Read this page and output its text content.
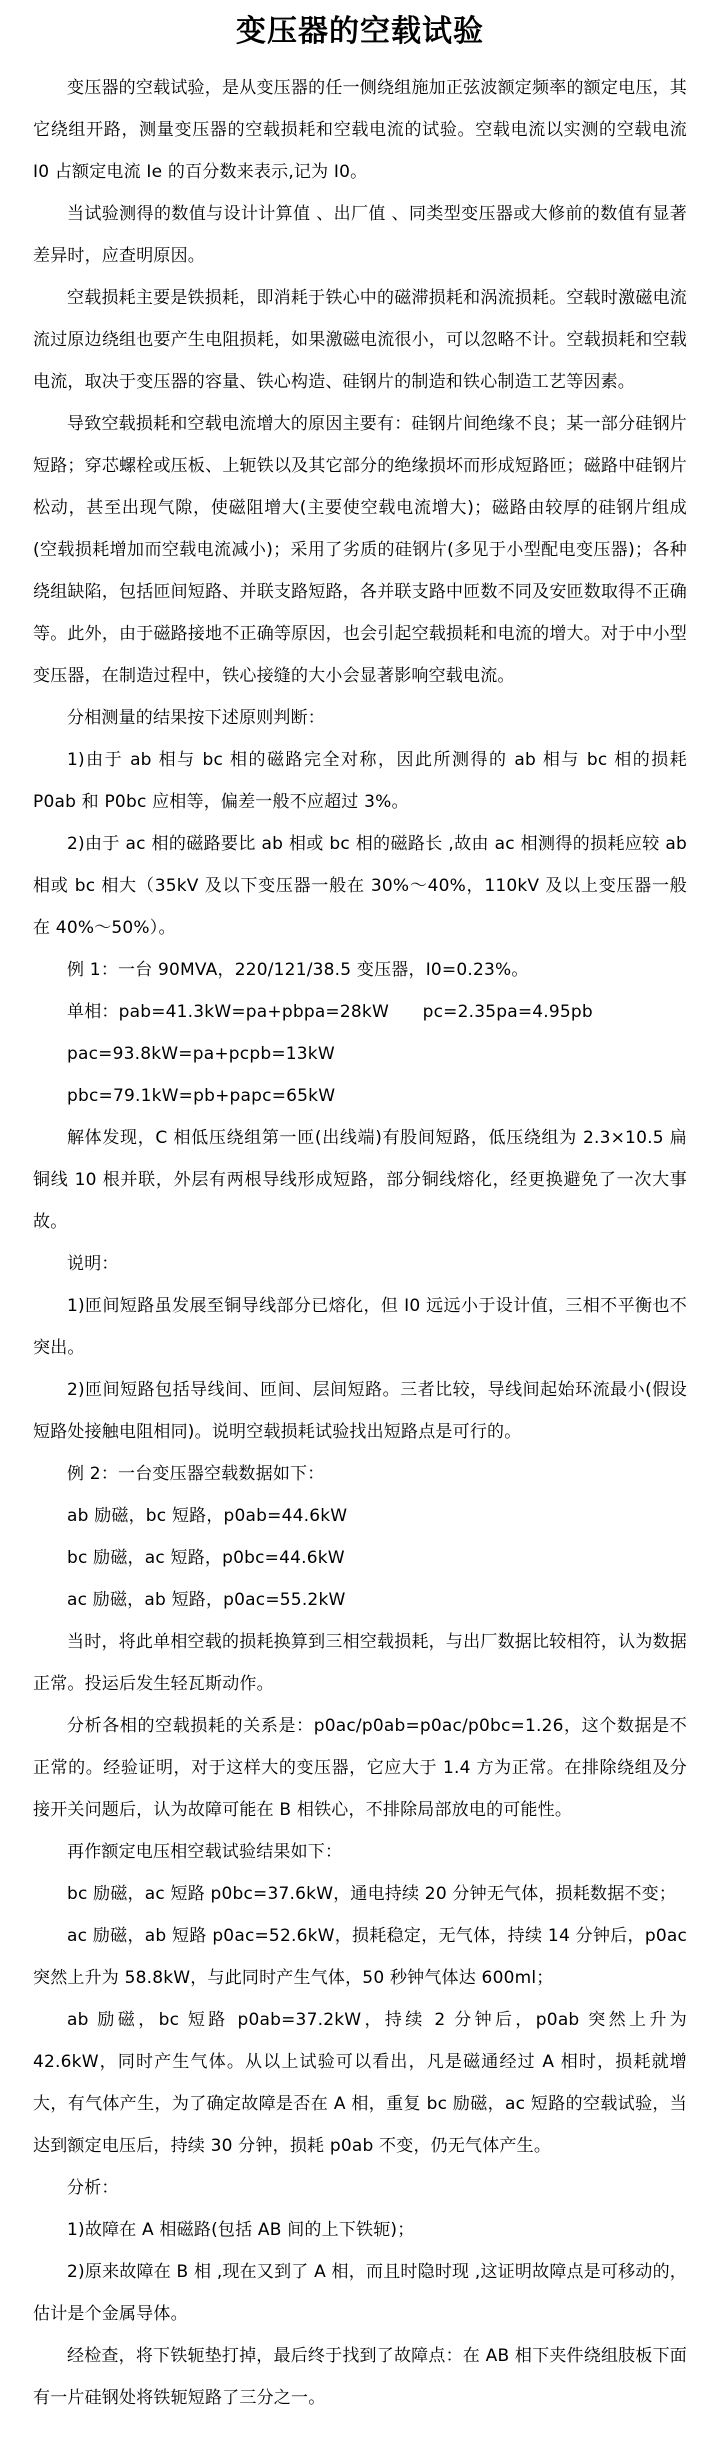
变压器的空载试验

变压器的空载试验，是从变压器的任一侧绕组施加正弦波额定频率的额定电压，其它绕组开路，测量变压器的空载损耗和空载电流的试验。空载电流以实测的空载电流 I0 占额定电流 Ie 的百分数来表示,记为 I0。

当试验测得的数值与设计计算值 、出厂值 、同类型变压器或大修前的数值有显著差异时，应查明原因。

空载损耗主要是铁损耗，即消耗于铁心中的磁滞损耗和涡流损耗。空载时激磁电流流过原边绕组也要产生电阻损耗，如果激磁电流很小，可以忽略不计。空载损耗和空载电流，取决于变压器的容量、铁心构造、硅钢片的制造和铁心制造工艺等因素。

导致空载损耗和空载电流增大的原因主要有：硅钢片间绝缘不良；某一部分硅钢片短路；穿芯螺栓或压板、上轭铁以及其它部分的绝缘损坏而形成短路匝；磁路中硅钢片松动，甚至出现气隙，使磁阻增大(主要使空载电流增大)；磁路由较厚的硅钢片组成(空载损耗增加而空载电流减小)；采用了劣质的硅钢片(多见于小型配电变压器)；各种绕组缺陷，包括匝间短路、并联支路短路，各并联支路中匝数不同及安匝数取得不正确等。此外，由于磁路接地不正确等原因，也会引起空载损耗和电流的增大。对于中小型变压器，在制造过程中，铁心接缝的大小会显著影响空载电流。

分相测量的结果按下述原则判断：

1)由于 ab 相与 bc 相的磁路完全对称，因此所测得的 ab 相与 bc 相的损耗 P0ab 和 P0bc 应相等，偏差一般不应超过 3%。

2)由于 ac 相的磁路要比 ab 相或 bc 相的磁路长 ,故由 ac 相测得的损耗应较 ab 相或 bc 相大（35kV 及以下变压器一般在 30%～40%，110kV 及以上变压器一般在 40%～50%）。

例 1：一台 90MVA，220/121/38.5 变压器，I0=0.23%。

单相：pab=41.3kW=pa+pbpa=28kW      pc=2.35pa=4.95pb

pac=93.8kW=pa+pcpb=13kW

pbc=79.1kW=pb+papc=65kW

解体发现，C 相低压绕组第一匝(出线端)有股间短路，低压绕组为 2.3×10.5 扁铜线 10 根并联，外层有两根导线形成短路，部分铜线熔化，经更换避免了一次大事故。

说明：

1)匝间短路虽发展至铜导线部分已熔化，但 I0 远远小于设计值，三相不平衡也不突出。

2)匝间短路包括导线间、匝间、层间短路。三者比较，导线间起始环流最小(假设短路处接触电阻相同)。说明空载损耗试验找出短路点是可行的。

例 2：一台变压器空载数据如下：

ab 励磁，bc 短路，p0ab=44.6kW

bc 励磁，ac 短路，p0bc=44.6kW

ac 励磁，ab 短路，p0ac=55.2kW

当时，将此单相空载的损耗换算到三相空载损耗，与出厂数据比较相符，认为数据正常。投运后发生轻瓦斯动作。

分析各相的空载损耗的关系是：p0ac/p0ab=p0ac/p0bc=1.26，这个数据是不正常的。经验证明，对于这样大的变压器，它应大于 1.4 方为正常。在排除绕组及分接开关问题后，认为故障可能在 B 相铁心，不排除局部放电的可能性。

再作额定电压相空载试验结果如下：

bc 励磁，ac 短路 p0bc=37.6kW，通电持续 20 分钟无气体，损耗数据不变；

ac 励磁，ab 短路 p0ac=52.6kW，损耗稳定，无气体，持续 14 分钟后，p0ac 突然上升为 58.8kW，与此同时产生气体，50 秒钟气体达 600ml；

ab 励磁，bc 短路 p0ab=37.2kW，持续 2 分钟后，p0ab 突然上升为 42.6kW，同时产生气体。从以上试验可以看出，凡是磁通经过 A 相时，损耗就增大，有气体产生，为了确定故障是否在 A 相，重复 bc 励磁，ac 短路的空载试验，当达到额定电压后，持续 30 分钟，损耗 p0ab 不变，仍无气体产生。

分析：

1)故障在 A 相磁路(包括 AB 间的上下铁轭)；

2)原来故障在 B 相 ,现在又到了 A 相，而且时隐时现 ,这证明故障点是可移动的，估计是个金属导体。

经检查，将下铁轭垫打掉，最后终于找到了故障点：在 AB 相下夹件绕组肢板下面有一片硅钢处将铁轭短路了三分之一。
